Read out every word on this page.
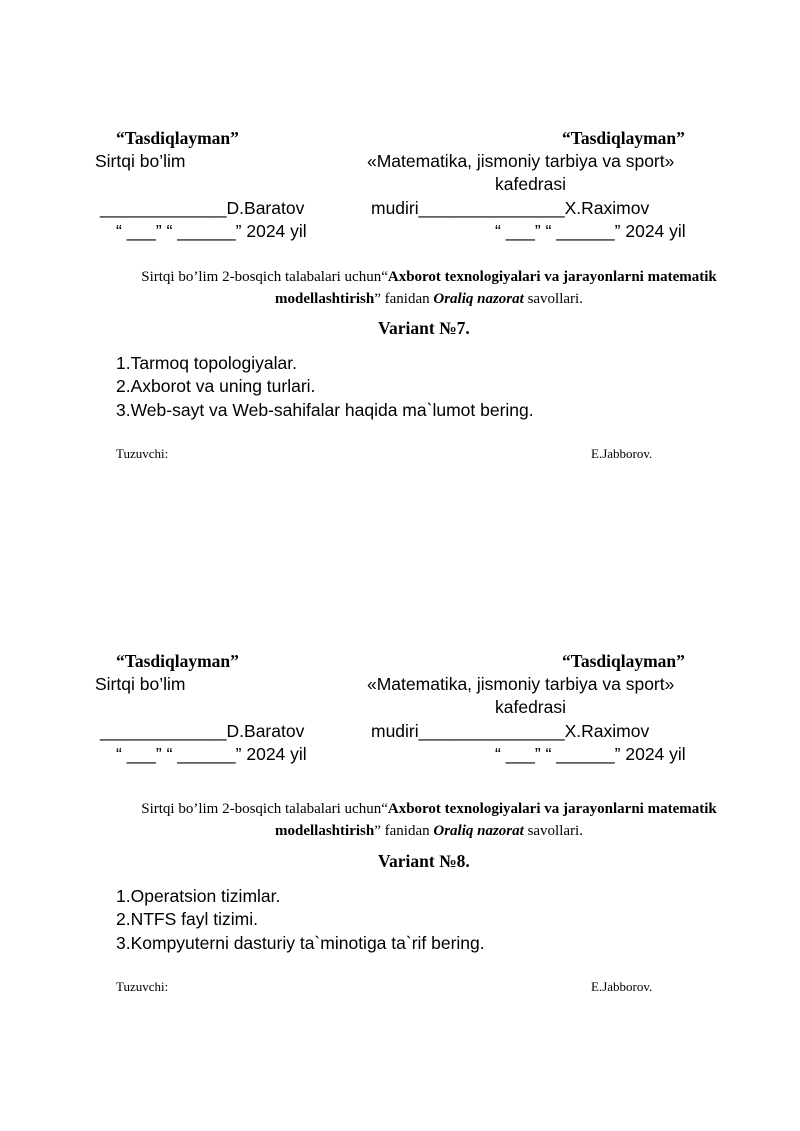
“Tasdiqlayman”	“Tasdiqlayman”
Sirtqi bo’lim	«Matematika, jismoniy tarbiya va sport»
kafedrasi
_____________D.Baratov	mudiri_______________X.Raximov
“ ___” “ ______” 2024 yil	“ ___” “ ______” 2024 yil
Sirtqi bo’lim 2-bosqich talabalari uchun“Axborot texnologiyalari va jarayonlarni matematik modellashtirish” fanidan Oraliq nazorat savollari.
Variant №7.
1.Tarmoq topologiyalar.
2.Axborot va uning turlari.
3.Web-sayt va Web-sahifalar haqida ma`lumot bering.
Tuzuvchi:	E.Jabborov.
“Tasdiqlayman”	“Tasdiqlayman”
Sirtqi bo’lim	«Matematika, jismoniy tarbiya va sport»
kafedrasi
_____________D.Baratov	mudiri_______________X.Raximov
“ ___” “ ______” 2024 yil	“ ___” “ ______” 2024 yil
Sirtqi bo’lim 2-bosqich talabalari uchun“Axborot texnologiyalari va jarayonlarni matematik modellashtirish” fanidan Oraliq nazorat savollari.
Variant №8.
1.Operatsion tizimlar.
2.NTFS fayl tizimi.
3.Kompyuterni dasturiy ta`minotiga ta`rif bering.
Tuzuvchi:	E.Jabborov.
